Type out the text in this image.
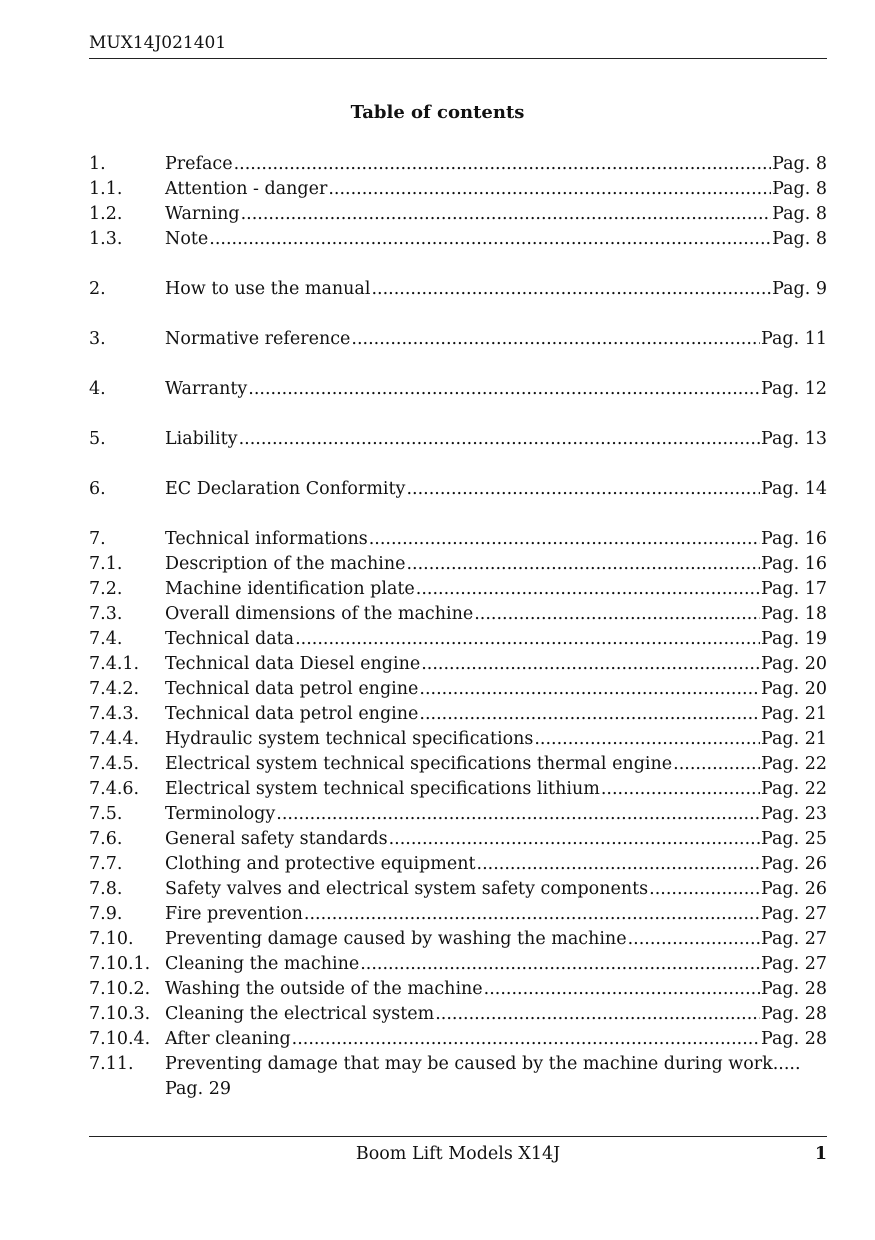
MUX14J021401
Table of contents
1.	Preface .....	Pag. 8
1.1.	Attention - danger .....	Pag. 8
1.2.	Warning .....	Pag. 8
1.3.	Note .....	Pag. 8
2.	How to use the manual .....	Pag. 9
3.	Normative reference .....	Pag. 11
4.	Warranty .....	Pag. 12
5.	Liability .....	Pag. 13
6.	EC Declaration Conformity .....	Pag. 14
7.	Technical informations .....	Pag. 16
7.1.	Description of the machine .....	Pag. 16
7.2.	Machine identification plate .....	Pag. 17
7.3.	Overall dimensions of the machine .....	Pag. 18
7.4.	Technical data .....	Pag. 19
7.4.1.	Technical data Diesel engine .....	Pag. 20
7.4.2.	Technical data petrol engine .....	Pag. 20
7.4.3.	Technical data petrol engine .....	Pag. 21
7.4.4.	Hydraulic system technical specifications .....	Pag. 21
7.4.5.	Electrical system technical specifications thermal engine .....	Pag. 22
7.4.6.	Electrical system technical specifications lithium .....	Pag. 22
7.5.	Terminology .....	Pag. 23
7.6.	General safety standards .....	Pag. 25
7.7.	Clothing and protective equipment .....	Pag. 26
7.8.	Safety valves and electrical system safety components .....	Pag. 26
7.9.	Fire prevention .....	Pag. 27
7.10.	Preventing damage caused by washing the machine .....	Pag. 27
7.10.1. Cleaning the machine .....	Pag. 27
7.10.2. Washing the outside of the machine .....	Pag. 28
7.10.3. Cleaning the electrical system .....	Pag. 28
7.10.4. After cleaning .....	Pag. 28
7.11.	Preventing damage that may be caused by the machine during work.....
Pag. 29
Boom Lift Models X14J	1
